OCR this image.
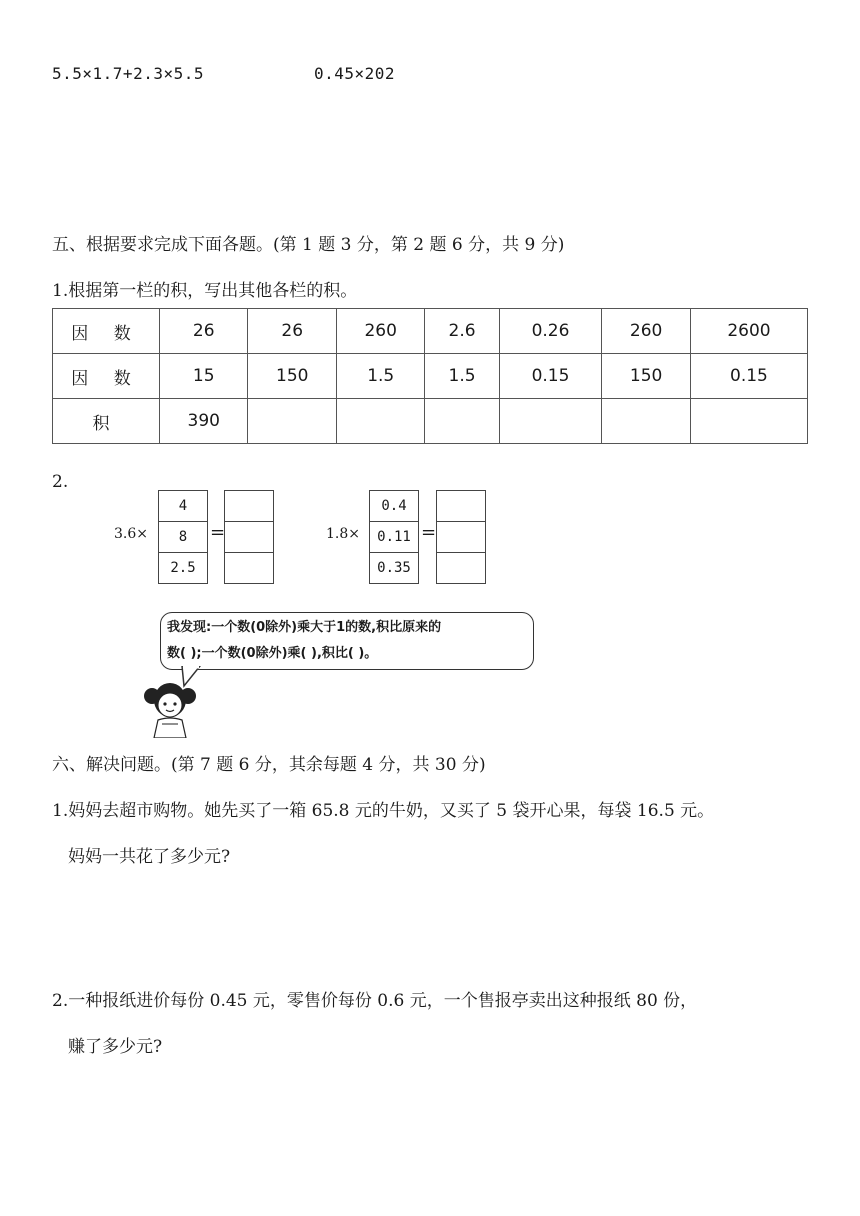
5.5×1.7+2.3×5.5	0.45×202
五、根据要求完成下面各题。(第 1 题 3 分，第 2 题 6 分，共 9 分)
1.根据第一栏的积，写出其他各栏的积。
因 数	26	26	260	2.6	0.26	260	2600
因 数	15	150	1.5	1.5	0.15	150	0.15
积	390						
2.
3.6×
4
8
2.5
=	1.8×
0.4
0.11
0.35
=
我发现:一个数(0除外)乘大于1的数,积比原来的
数( );一个数(0除外)乘( ),积比( )。
六、解决问题。(第 7 题 6 分，其余每题 4 分，共 30 分)
1.妈妈去超市购物。她先买了一箱 65.8 元的牛奶，又买了 5 袋开心果，每袋 16.5 元。
妈妈一共花了多少元?
2.一种报纸进价每份 0.45 元，零售价每份 0.6 元，一个售报亭卖出这种报纸 80 份，
赚了多少元?
